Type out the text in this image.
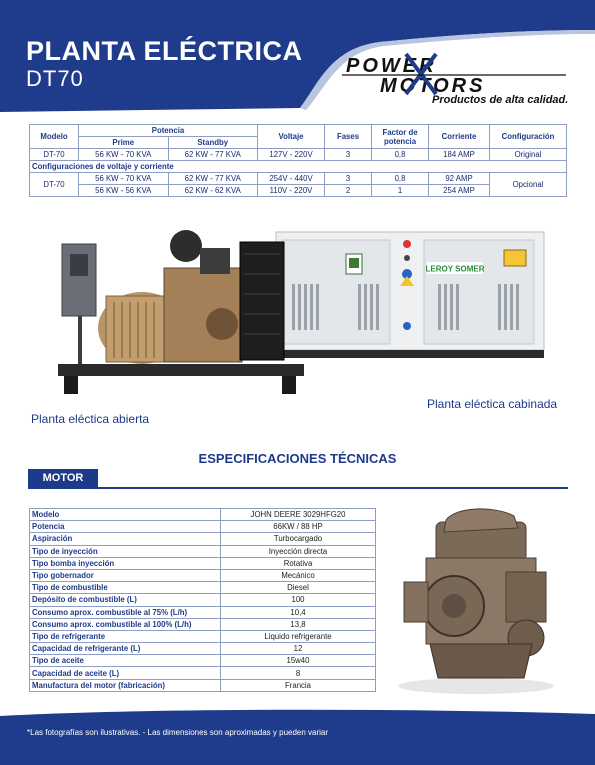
PLANTA ELÉCTRICA
DT70	POWER
MOTORS
Productos de alta calidad.
Modelo	Potencia		Voltaje	Fases	Factor de potencia	Corriente	Configuración
	Prime	Standby					
DT-70	56 KW - 70 KVA	62 KW - 77 KVA	127V - 220V	3	0,8	184 AMP	Original
Configuraciones de voltaje y corriente							
DT-70	56 KW - 70 KVA	62 KW - 77 KVA	254V - 440V	3	0,8	92 AMP	Opcional
	56 KW - 56 KVA	62 KW - 62 KVA	110V - 220V	2	1	254 AMP	
LEROY SOMER
Planta eléctica abierta
Planta eléctica cabinada
ESPECIFICACIONES TÉCNICAS
MOTOR
Modelo	JOHN DEERE 3029HFG20
Potencia	66KW / 88 HP
Aspiración	Turbocargado
Tipo de inyección	Inyección directa
Tipo bomba inyección	Rotativa
Tipo gobernador	Mecánico
Tipo de combustible	Diesel
Depósito de combustible (L)	100
Consumo aprox. combustible al 75% (L/h)	10,4
Consumo aprox. combustible al 100% (L/h)	13,8
Tipo de refrigerante	Liquido refrigerante
Capacidad de refrigerante (L)	12
Tipo de aceite	15w40
Capacidad de aceite (L)	8
Manufactura del motor (fabricación)	Francia
*Las fotografías son ilustrativas. - Las dimensiones son aproximadas y pueden variar
